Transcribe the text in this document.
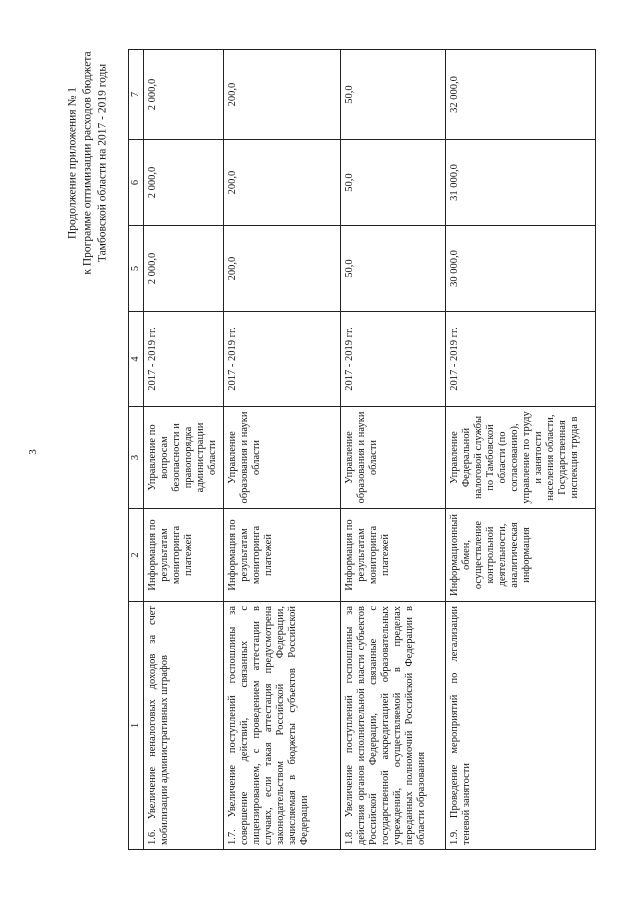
3
Продолжение приложения № 1 к Программе оптимизации расходов бюджета Тамбовской области на 2017 - 2019 годы
1	2	3	4	5	6	7
1.6. Увеличение неналоговых доходов за счет мобилизации административных штрафов	Информация по результатам мониторинга платежей	Управление по вопросам безопасности и правопорядка администрации области	2017 - 2019 гг.	2 000,0	2 000,0	2 000,0
1.7. Увеличение поступлений госпошлины за совершение действий, связанных с лицензированием, с проведением аттестации в случаях, если такая аттестация предусмотрена законодательством Российской Федерации, зачисляемая в бюджеты субъектов Российской Федерации	Информация по результатам мониторинга платежей	Управление образования и науки области	2017 - 2019 гг.	200,0	200,0	200,0
1.8. Увеличение поступлений госпошлины за действия органов исполнительной власти субъектов Российской Федерации, связанные с государственной аккредитацией образовательных учреждений, осуществляемой в пределах переданных полномочий Российской Федерации в области образования	Информация по результатам мониторинга платежей	Управление образования и науки области	2017 - 2019 гг.	50,0	50,0	50,0
1.9. Проведение мероприятий по легализации теневой занятости	Информационный обмен, осуществление контрольной деятельности, аналитическая информация	Управление Федеральной налоговой службы по Тамбовской области (по согласованию), управление по труду и занятости населения области, Государственная инспекция труда в	2017 - 2019 гг.	30 000,0	31 000,0	32 000,0
